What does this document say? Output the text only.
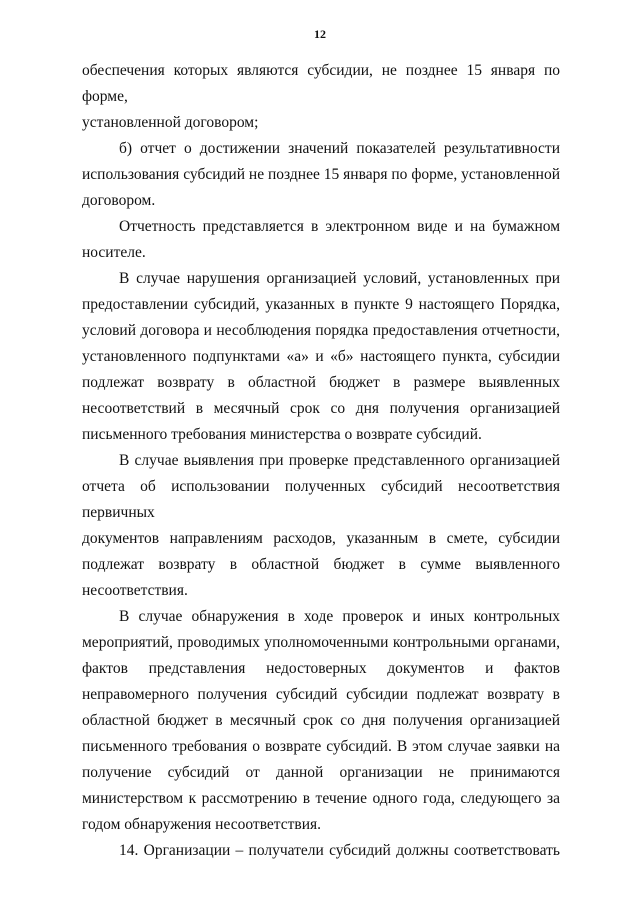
12

обеспечения которых являются субсидии, не позднее 15 января по форме,

установленной договором;

б) отчет о достижении значений показателей результативности

использования субсидий не позднее 15 января по форме, установленной

договором.

Отчетность представляется в электронном виде и на бумажном

носителе.

В случае нарушения организацией условий, установленных при

предоставлении субсидий, указанных в пункте 9 настоящего Порядка,

условий договора и несоблюдения порядка предоставления отчетности,

установленного подпунктами «а» и «б» настоящего пункта, субсидии

подлежат возврату в областной бюджет в размере выявленных

несоответствий в месячный срок со дня получения организацией

письменного требования министерства о возврате субсидий.

В случае выявления при проверке представленного организацией

отчета об использовании полученных субсидий несоответствия первичных

документов направлениям расходов, указанным в смете, субсидии

подлежат возврату в областной бюджет в сумме выявленного

несоответствия.

В случае обнаружения в ходе проверок и иных контрольных

мероприятий, проводимых уполномоченными контрольными органами,

фактов представления недостоверных документов и фактов

неправомерного получения субсидий субсидии подлежат возврату в

областной бюджет в месячный срок со дня получения организацией

письменного требования о возврате субсидий. В этом случае заявки на

получение субсидий от данной организации не принимаются

министерством к рассмотрению в течение одного года, следующего за

годом обнаружения несоответствия.

14. Организации – получатели субсидий должны соответствовать
